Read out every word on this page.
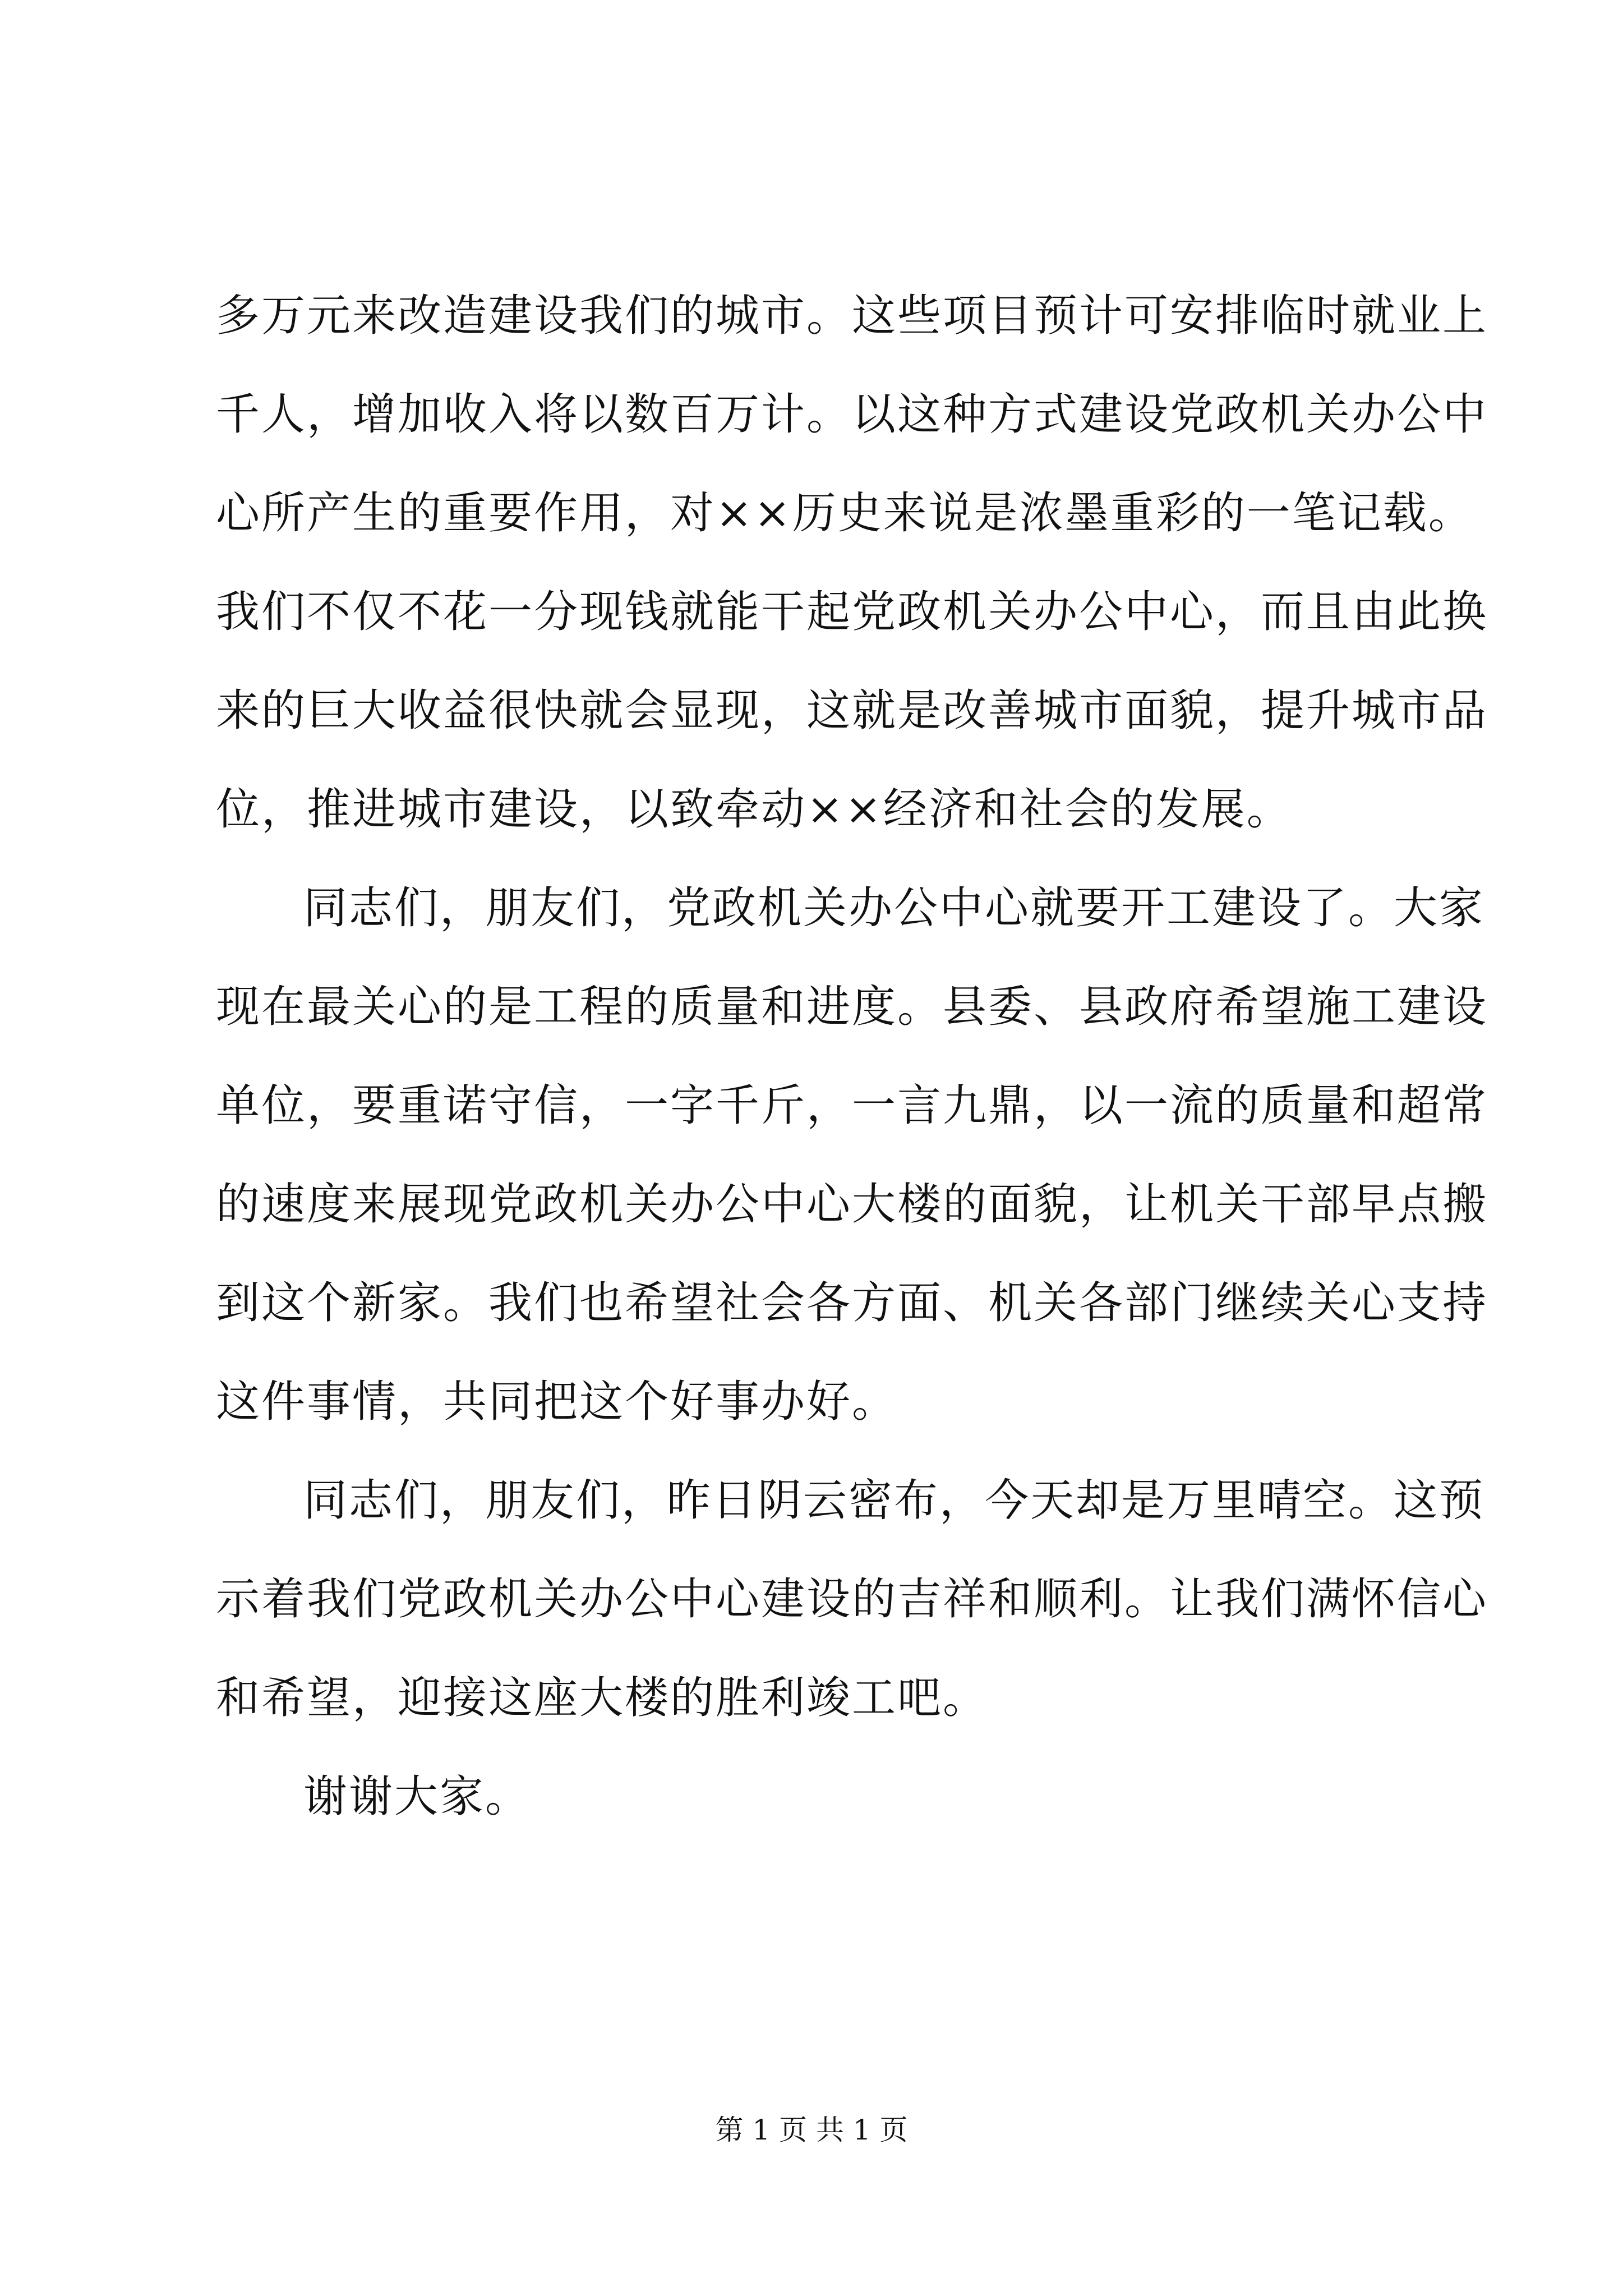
多万元来改造建设我们的城市。这些项目预计可安排临时就业上
千人，增加收入将以数百万计。以这种方式建设党政机关办公中
心所产生的重要作用，对××历史来说是浓墨重彩的一笔记载。
我们不仅不花一分现钱就能干起党政机关办公中心，而且由此换
来的巨大收益很快就会显现，这就是改善城市面貌，提升城市品
位，推进城市建设，以致牵动××经济和社会的发展。
同志们，朋友们，党政机关办公中心就要开工建设了。大家
现在最关心的是工程的质量和进度。县委、县政府希望施工建设
单位，要重诺守信，一字千斤，一言九鼎，以一流的质量和超常
的速度来展现党政机关办公中心大楼的面貌，让机关干部早点搬
到这个新家。我们也希望社会各方面、机关各部门继续关心支持
这件事情，共同把这个好事办好。
同志们，朋友们，昨日阴云密布，今天却是万里晴空。这预
示着我们党政机关办公中心建设的吉祥和顺利。让我们满怀信心
和希望，迎接这座大楼的胜利竣工吧。
谢谢大家。
第 1 页 共 1 页
